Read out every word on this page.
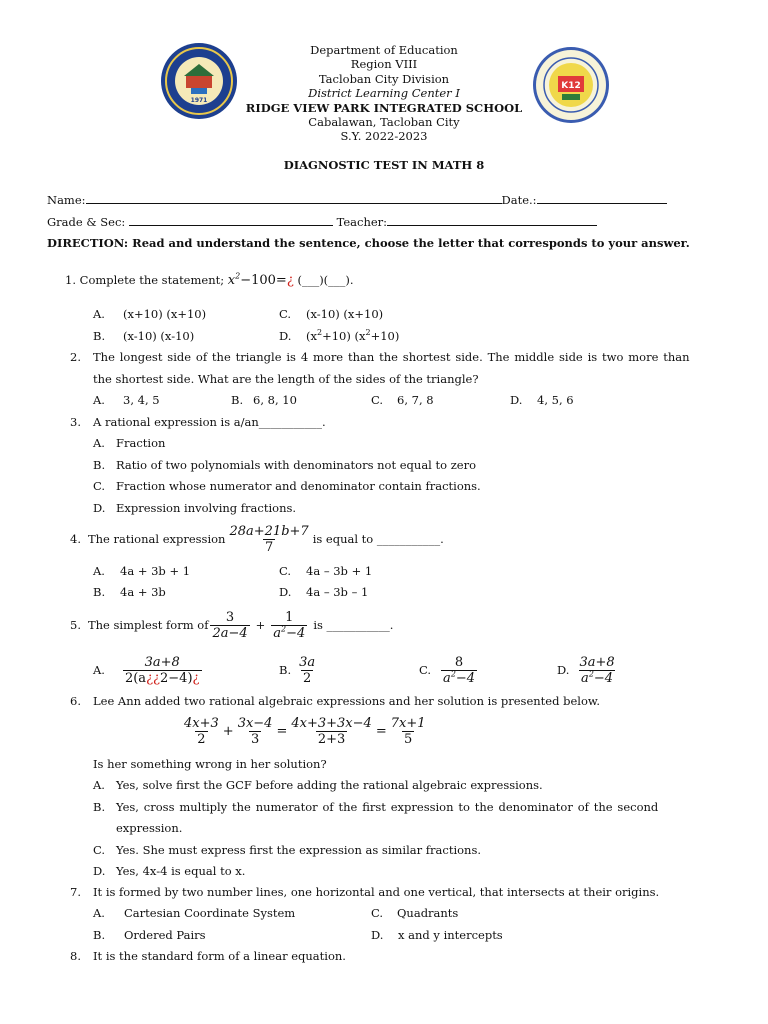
1971
K12
Department of Education
Region VIII
Tacloban City Division
District Learning Center I
RIDGE VIEW PARK INTEGRATED SCHOOL
Cabalawan, Tacloban City
S.Y. 2022-2023
DIAGNOSTIC TEST IN MATH 8
Name:	Date.:
Grade & Sec:	Teacher:
DIRECTION: Read and understand the sentence, choose the letter that corresponds to your answer.
1. Complete the statement; $x^2-100=¿$ (___)(___).
A. (x+10) (x+10)	C. (x-10) (x+10)
B. (x-10) (x-10)	D. $(x^2+10)$ $(x^2+10)$
2. The longest side of the triangle is 4 more than the shortest side. The middle side is two more than
the shortest side. What are the length of the sides of the triangle?
A. 3, 4, 5	B. 6, 8, 10	C. 6, 7, 8	D. 4, 5, 6
3. A rational expression is a/an___________.
A. Fraction
B. Ratio of two polynomials with denominators not equal to zero
C. Fraction whose numerator and denominator contain fractions.
D. Expression involving fractions.
4. The rational expression $\frac{28a+21b+7}{7}$ is equal to ___________.
A. 4a + 3b + 1	C. 4a – 3b + 1
B. 4a + 3b	D. 4a – 3b – 1
5. The simplest form of $\frac{3}{2a-4} + \frac{1}{a^2-4}$ is ___________.
A. $\frac{3a+8}{2(a¿¿2-4)¿}$	B. $\frac{3a}{2}$	C. $\frac{8}{a^2-4}$	D. $\frac{3a+8}{a^2-4}$
6. Lee Ann added two rational algebraic expressions and her solution is presented below.
$\frac{4x+3}{2} + \frac{3x-4}{3} = \frac{4x+3+3x-4}{2+3} = \frac{7x+1}{5}$
Is her something wrong in her solution?
A. Yes, solve first the GCF before adding the rational algebraic expressions.
B. Yes, cross multiply the numerator of the first expression to the denominator of the second
expression.
C. Yes. She must express first the expression as similar fractions.
D. Yes, 4x-4 is equal to x.
7. It is formed by two number lines, one horizontal and one vertical, that intersects at their origins.
A. Cartesian Coordinate System	C. Quadrants
B. Ordered Pairs	D. x and y intercepts
8. It is the standard form of a linear equation.
